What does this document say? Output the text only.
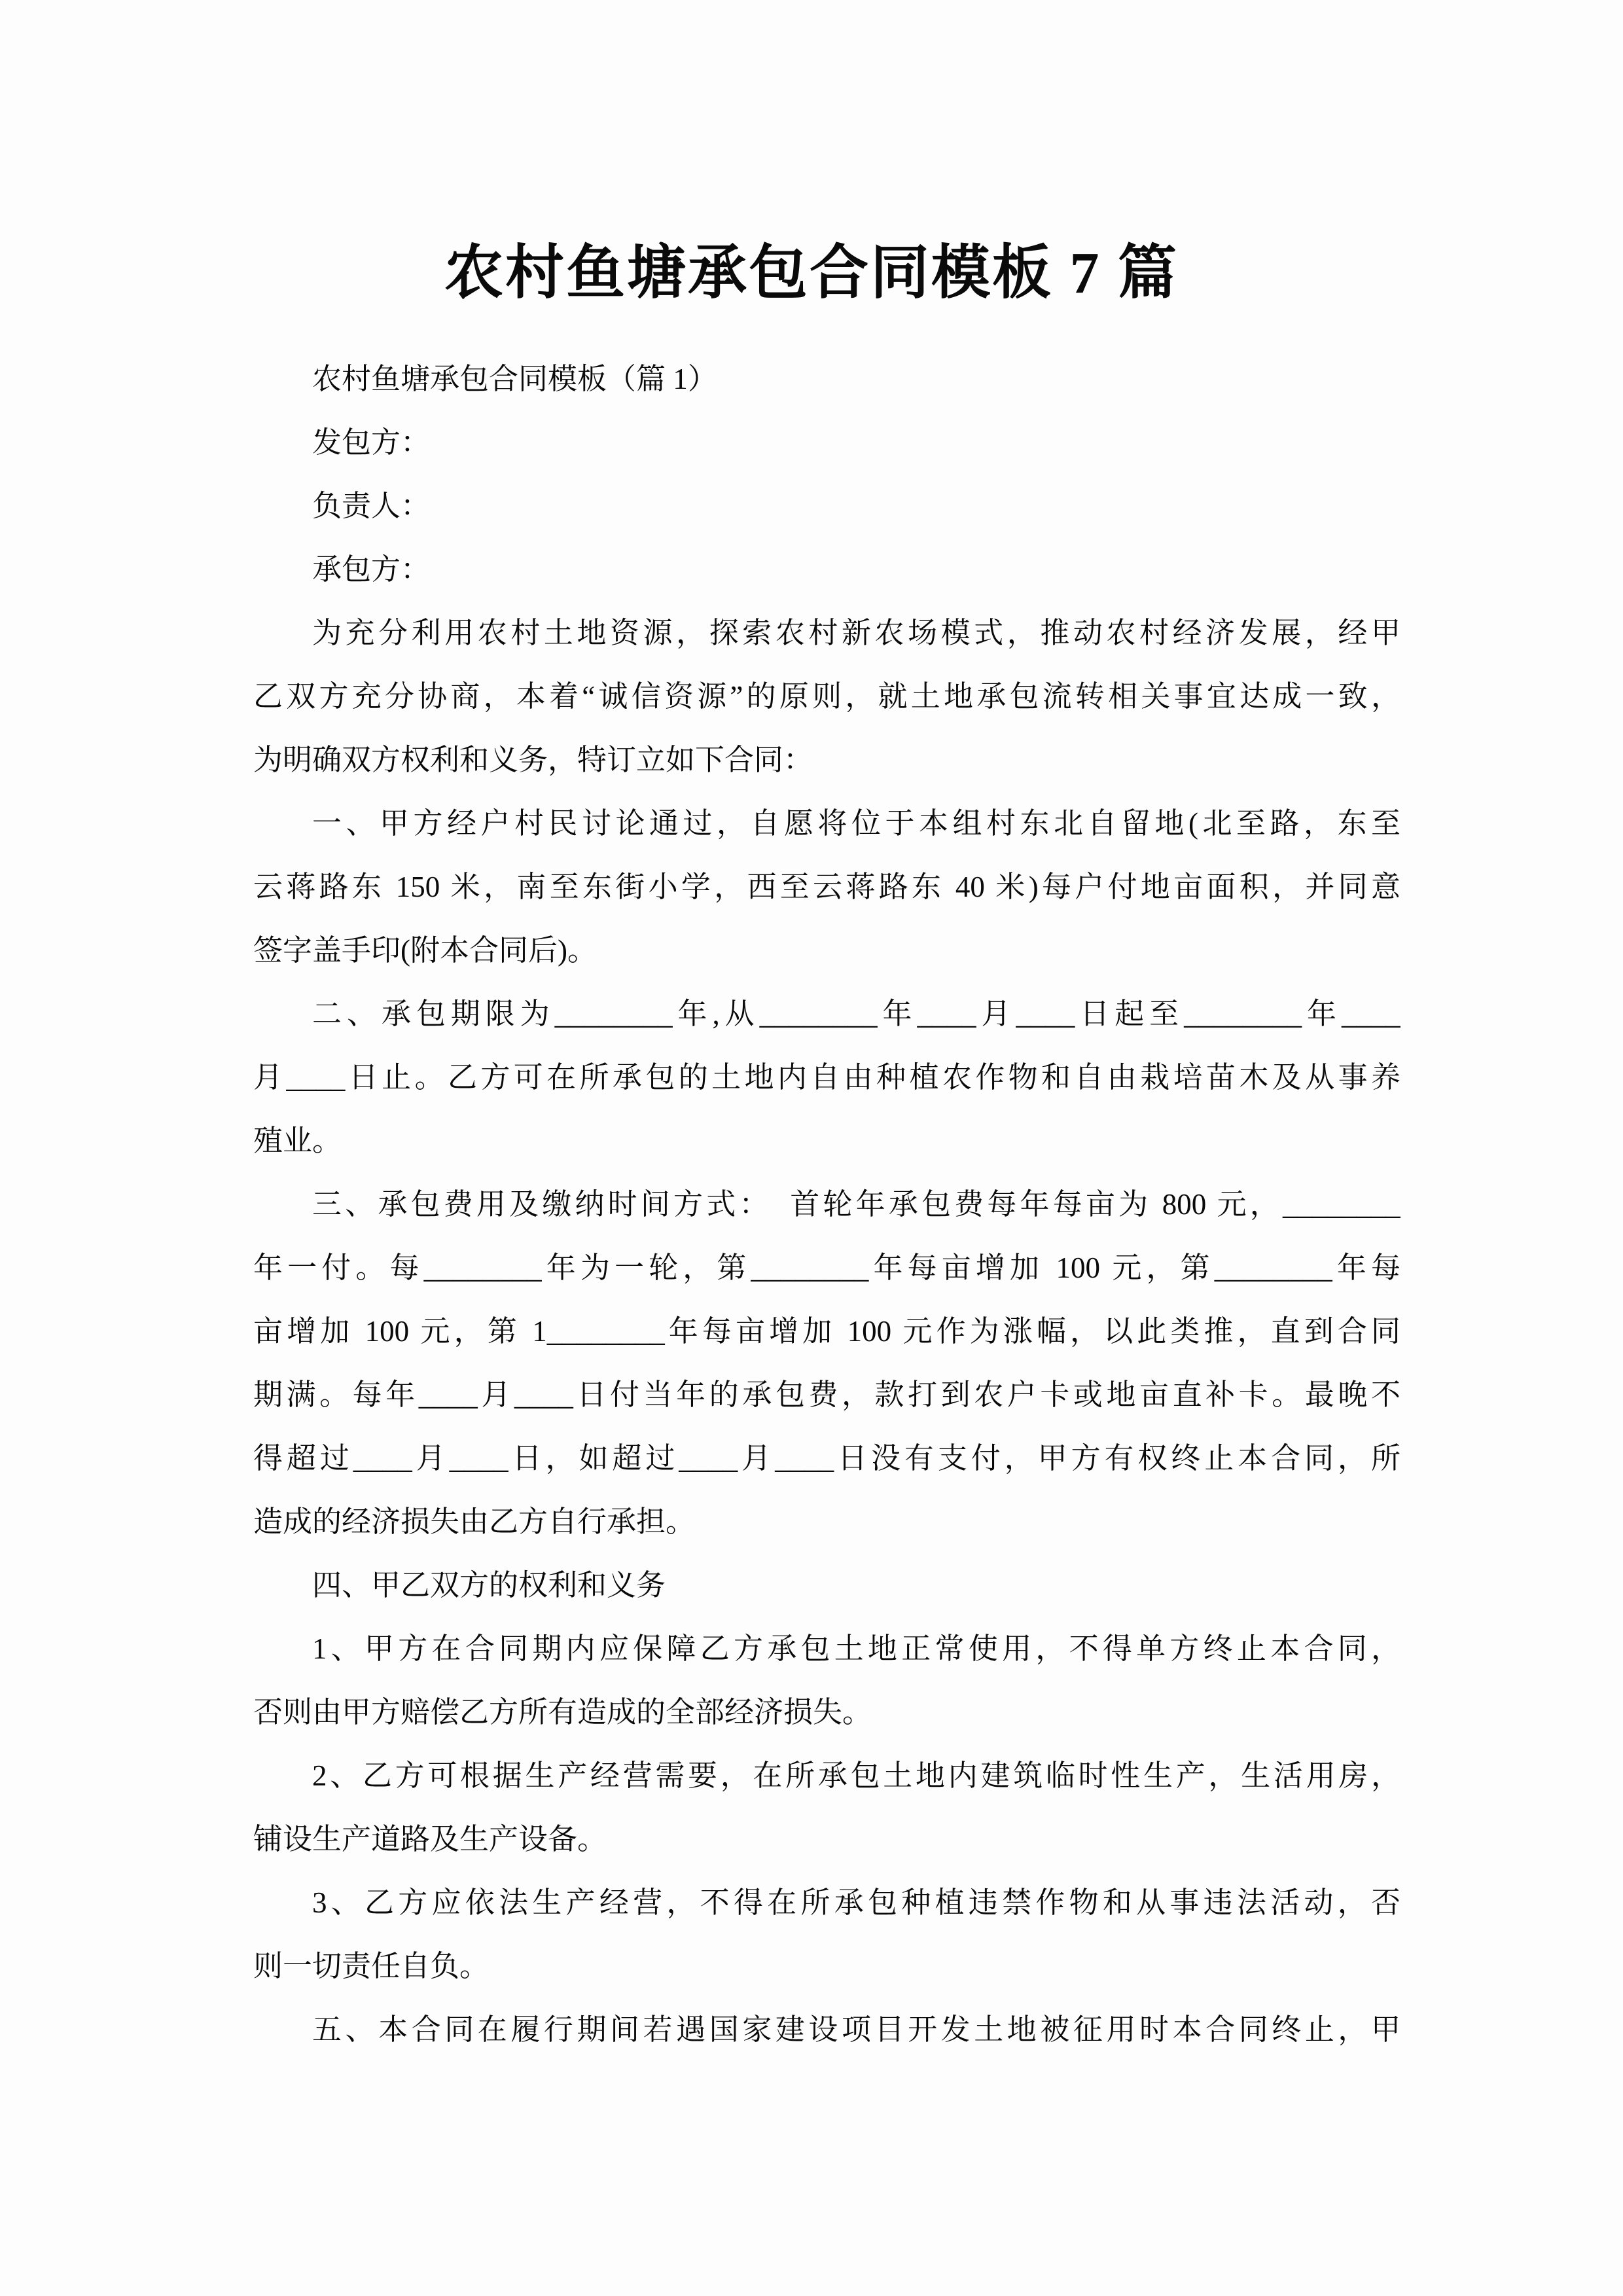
农村鱼塘承包合同模板 7 篇
农村鱼塘承包合同模板（篇 1）
发包方：
负责人：
承包方：
为充分利用农村土地资源，探索农村新农场模式，推动农村经济发展，经甲
乙双方充分协商，本着“诚信资源”的原则，就土地承包流转相关事宜达成一致，
为明确双方权利和义务，特订立如下合同：
一、甲方经户村民讨论通过，自愿将位于本组村东北自留地(北至路，东至
云蒋路东 150 米，南至东街小学，西至云蒋路东 40 米)每户付地亩面积，并同意
签字盖手印(附本合同后)。
二、承包期限为________年,从________年____月____日起至________年____
月____日止。乙方可在所承包的土地内自由种植农作物和自由栽培苗木及从事养
殖业。
三、承包费用及缴纳时间方式：　首轮年承包费每年每亩为 800 元，________
年一付。每________年为一轮，第________年每亩增加 100 元，第________年每
亩增加 100 元，第 1________年每亩增加 100 元作为涨幅，以此类推，直到合同
期满。每年____月____日付当年的承包费，款打到农户卡或地亩直补卡。最晚不
得超过____月____日，如超过____月____日没有支付，甲方有权终止本合同，所
造成的经济损失由乙方自行承担。
四、甲乙双方的权利和义务
1、甲方在合同期内应保障乙方承包土地正常使用，不得单方终止本合同，
否则由甲方赔偿乙方所有造成的全部经济损失。
2、乙方可根据生产经营需要，在所承包土地内建筑临时性生产，生活用房，
铺设生产道路及生产设备。
3、乙方应依法生产经营，不得在所承包种植违禁作物和从事违法活动，否
则一切责任自负。
五、本合同在履行期间若遇国家建设项目开发土地被征用时本合同终止，甲
